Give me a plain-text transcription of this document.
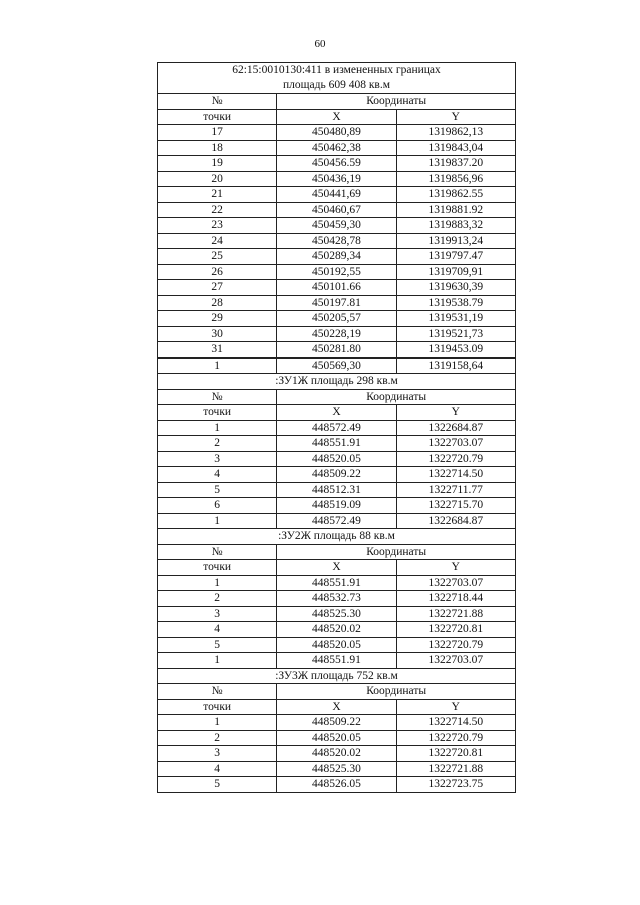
60
62:15:0010130:411 в измененных границах
площадь 609 408 кв.м		

№	Координаты	
точки	X	Y
17	450480,89	1319862,13
18	450462,38	1319843,04
19	450456.59	1319837.20
20	450436,19	1319856,96
21	450441,69	1319862.55
22	450460,67	1319881.92
23	450459,30	1319883,32
24	450428,78	1319913,24
25	450289,34	1319797.47
26	450192,55	1319709,91
27	450101.66	1319630,39
28	450197.81	1319538.79
29	450205,57	1319531,19
30	450228,19	1319521,73
31	450281.80	1319453.09
1	450569,30	1319158,64
:ЗУ1Ж площадь 298 кв.м		
№	Координаты	
точки	X	Y
1	448572.49	1322684.87
2	448551.91	1322703.07
3	448520.05	1322720.79
4	448509.22	1322714.50
5	448512.31	1322711.77
6	448519.09	1322715.70
1	448572.49	1322684.87
:ЗУ2Ж площадь 88 кв.м		
№	Координаты	
точки	X	Y
1	448551.91	1322703.07
2	448532.73	1322718.44
3	448525.30	1322721.88
4	448520.02	1322720.81
5	448520.05	1322720.79
1	448551.91	1322703.07
:ЗУ3Ж площадь 752 кв.м		
№	Координаты	
точки	X	Y
1	448509.22	1322714.50
2	448520.05	1322720.79
3	448520.02	1322720.81
4	448525.30	1322721.88
5	448526.05	1322723.75
